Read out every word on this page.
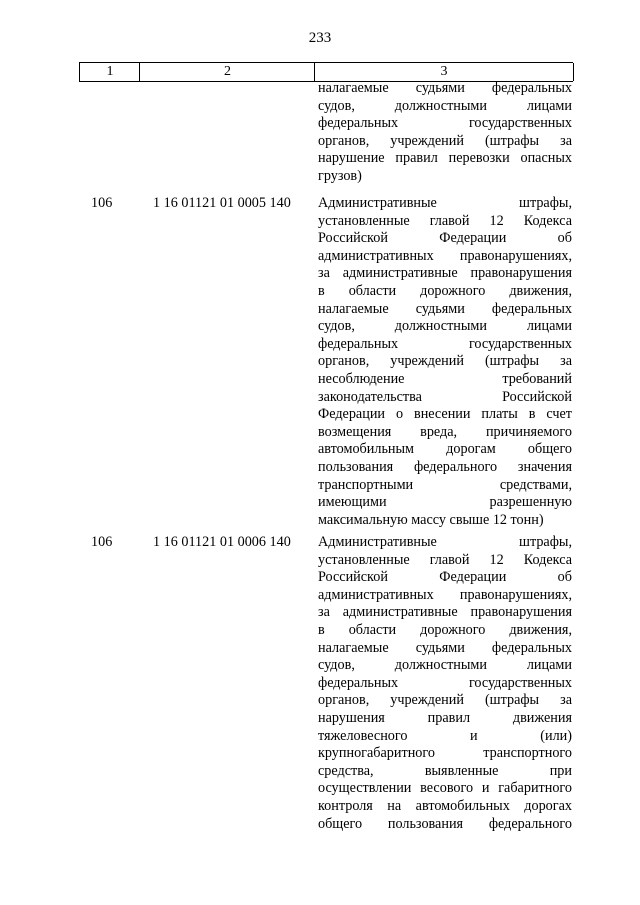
233
1	2	3
налагаемые судьями федеральных
судов, должностными лицами
федеральных государственных
органов, учреждений (штрафы за
нарушение правил перевозки опасных
грузов)
106	1 16 01121 01 0005 140 Административные штрафы,
установленные главой 12 Кодекса
Российской Федерации об
административных правонарушениях,
за административные правонарушения
в области дорожного движения,
налагаемые судьями федеральных
судов, должностными лицами
федеральных государственных
органов, учреждений (штрафы за
несоблюдение требований
законодательства Российской
Федерации о внесении платы в счет
возмещения вреда, причиняемого
автомобильным дорогам общего
пользования федерального значения
транспортными средствами,
имеющими разрешенную
максимальную массу свыше 12 тонн)
106	1 16 01121 01 0006 140 Административные штрафы,
установленные главой 12 Кодекса
Российской Федерации об
административных правонарушениях,
за административные правонарушения
в области дорожного движения,
налагаемые судьями федеральных
судов, должностными лицами
федеральных государственных
органов, учреждений (штрафы за
нарушения правил движения
тяжеловесного и (или)
крупногабаритного транспортного
средства, выявленные при
осуществлении весового и габаритного
контроля на автомобильных дорогах
общего пользования федерального
